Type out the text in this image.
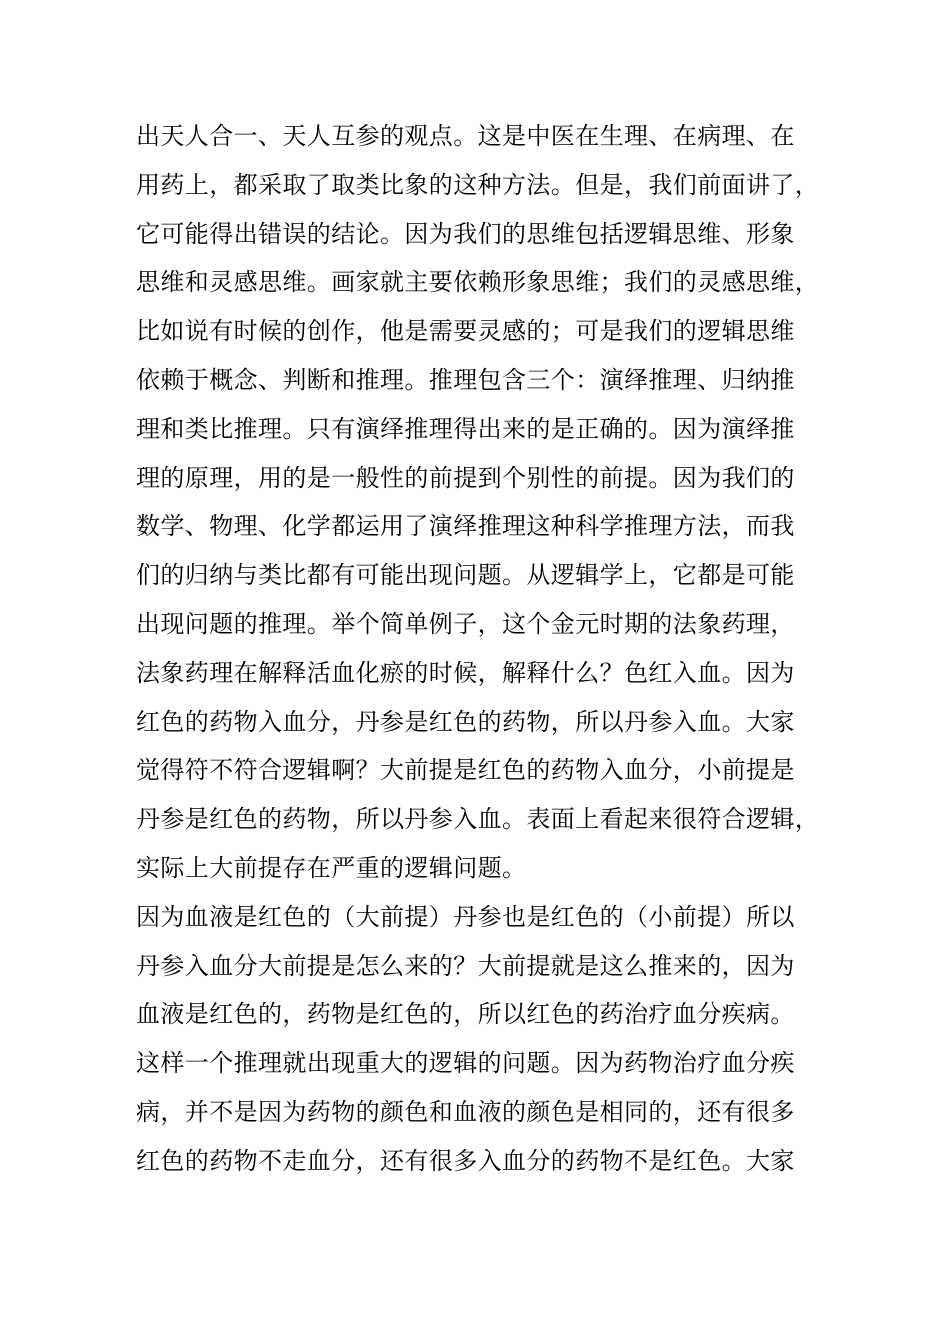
出天人合一、天人互参的观点。这是中医在生理、在病理、在
用药上，都采取了取类比象的这种方法。但是，我们前面讲了，
它可能得出错误的结论。因为我们的思维包括逻辑思维、形象
思维和灵感思维。画家就主要依赖形象思维；我们的灵感思维，
比如说有时候的创作，他是需要灵感的；可是我们的逻辑思维
依赖于概念、判断和推理。推理包含三个：演绎推理、归纳推
理和类比推理。只有演绎推理得出来的是正确的。因为演绎推
理的原理，用的是一般性的前提到个别性的前提。因为我们的
数学、物理、化学都运用了演绎推理这种科学推理方法，而我
们的归纳与类比都有可能出现问题。从逻辑学上，它都是可能
出现问题的推理。举个简单例子，这个金元时期的法象药理，
法象药理在解释活血化瘀的时候，解释什么？色红入血。因为
红色的药物入血分，丹参是红色的药物，所以丹参入血。大家
觉得符不符合逻辑啊？大前提是红色的药物入血分，小前提是
丹参是红色的药物，所以丹参入血。表面上看起来很符合逻辑，
实际上大前提存在严重的逻辑问题。
因为血液是红色的（大前提）丹参也是红色的（小前提）所以
丹参入血分大前提是怎么来的？大前提就是这么推来的，因为
血液是红色的，药物是红色的，所以红色的药治疗血分疾病。
这样一个推理就出现重大的逻辑的问题。因为药物治疗血分疾
病，并不是因为药物的颜色和血液的颜色是相同的，还有很多
红色的药物不走血分，还有很多入血分的药物不是红色。大家
